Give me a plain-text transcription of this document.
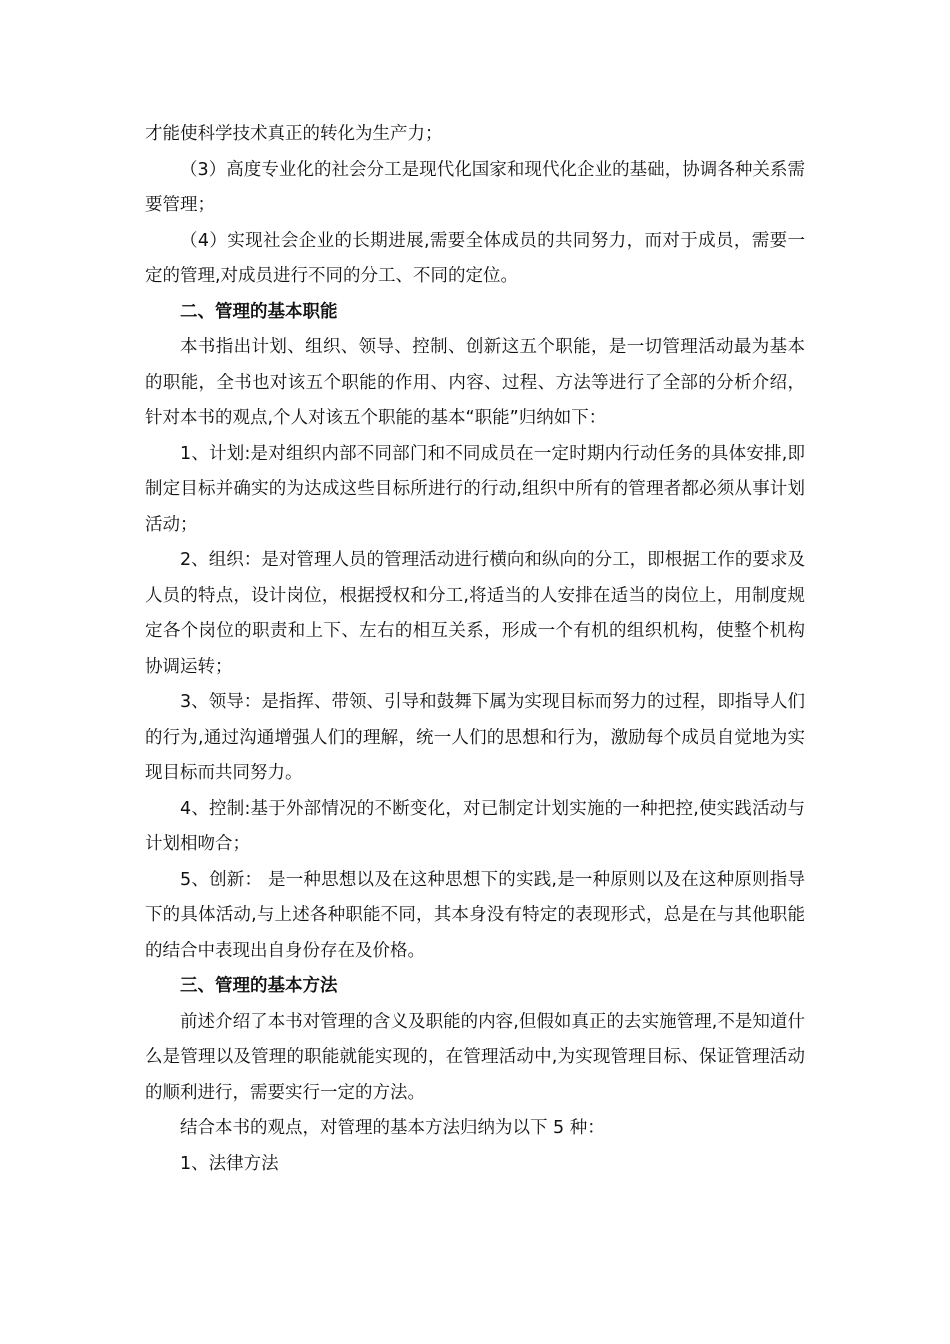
才能使科学技术真正的转化为生产力；

（3）高度专业化的社会分工是现代化国家和现代化企业的基础，协调各种关系需要管理；

（4）实现社会企业的长期进展,需要全体成员的共同努力，而对于成员，需要一定的管理,对成员进行不同的分工、不同的定位。

二、管理的基本职能

本书指出计划、组织、领导、控制、创新这五个职能，是一切管理活动最为基本的职能，全书也对该五个职能的作用、内容、过程、方法等进行了全部的分析介绍，针对本书的观点,个人对该五个职能的基本“职能”归纳如下：

1、计划:是对组织内部不同部门和不同成员在一定时期内行动任务的具体安排,即制定目标并确实的为达成这些目标所进行的行动,组织中所有的管理者都必须从事计划活动；

2、组织：是对管理人员的管理活动进行横向和纵向的分工，即根据工作的要求及人员的特点，设计岗位，根据授权和分工,将适当的人安排在适当的岗位上，用制度规定各个岗位的职责和上下、左右的相互关系，形成一个有机的组织机构，使整个机构协调运转；

3、领导：是指挥、带领、引导和鼓舞下属为实现目标而努力的过程，即指导人们的行为,通过沟通增强人们的理解，统一人们的思想和行为，激励每个成员自觉地为实现目标而共同努力。

4、控制:基于外部情况的不断变化，对已制定计划实施的一种把控,使实践活动与计划相吻合；

5、创新： 是一种思想以及在这种思想下的实践,是一种原则以及在这种原则指导下的具体活动,与上述各种职能不同，其本身没有特定的表现形式，总是在与其他职能的结合中表现出自身份存在及价格。

三、管理的基本方法

前述介绍了本书对管理的含义及职能的内容,但假如真正的去实施管理,不是知道什么是管理以及管理的职能就能实现的，在管理活动中,为实现管理目标、保证管理活动的顺利进行，需要实行一定的方法。

结合本书的观点，对管理的基本方法归纳为以下 5 种：

1、法律方法
